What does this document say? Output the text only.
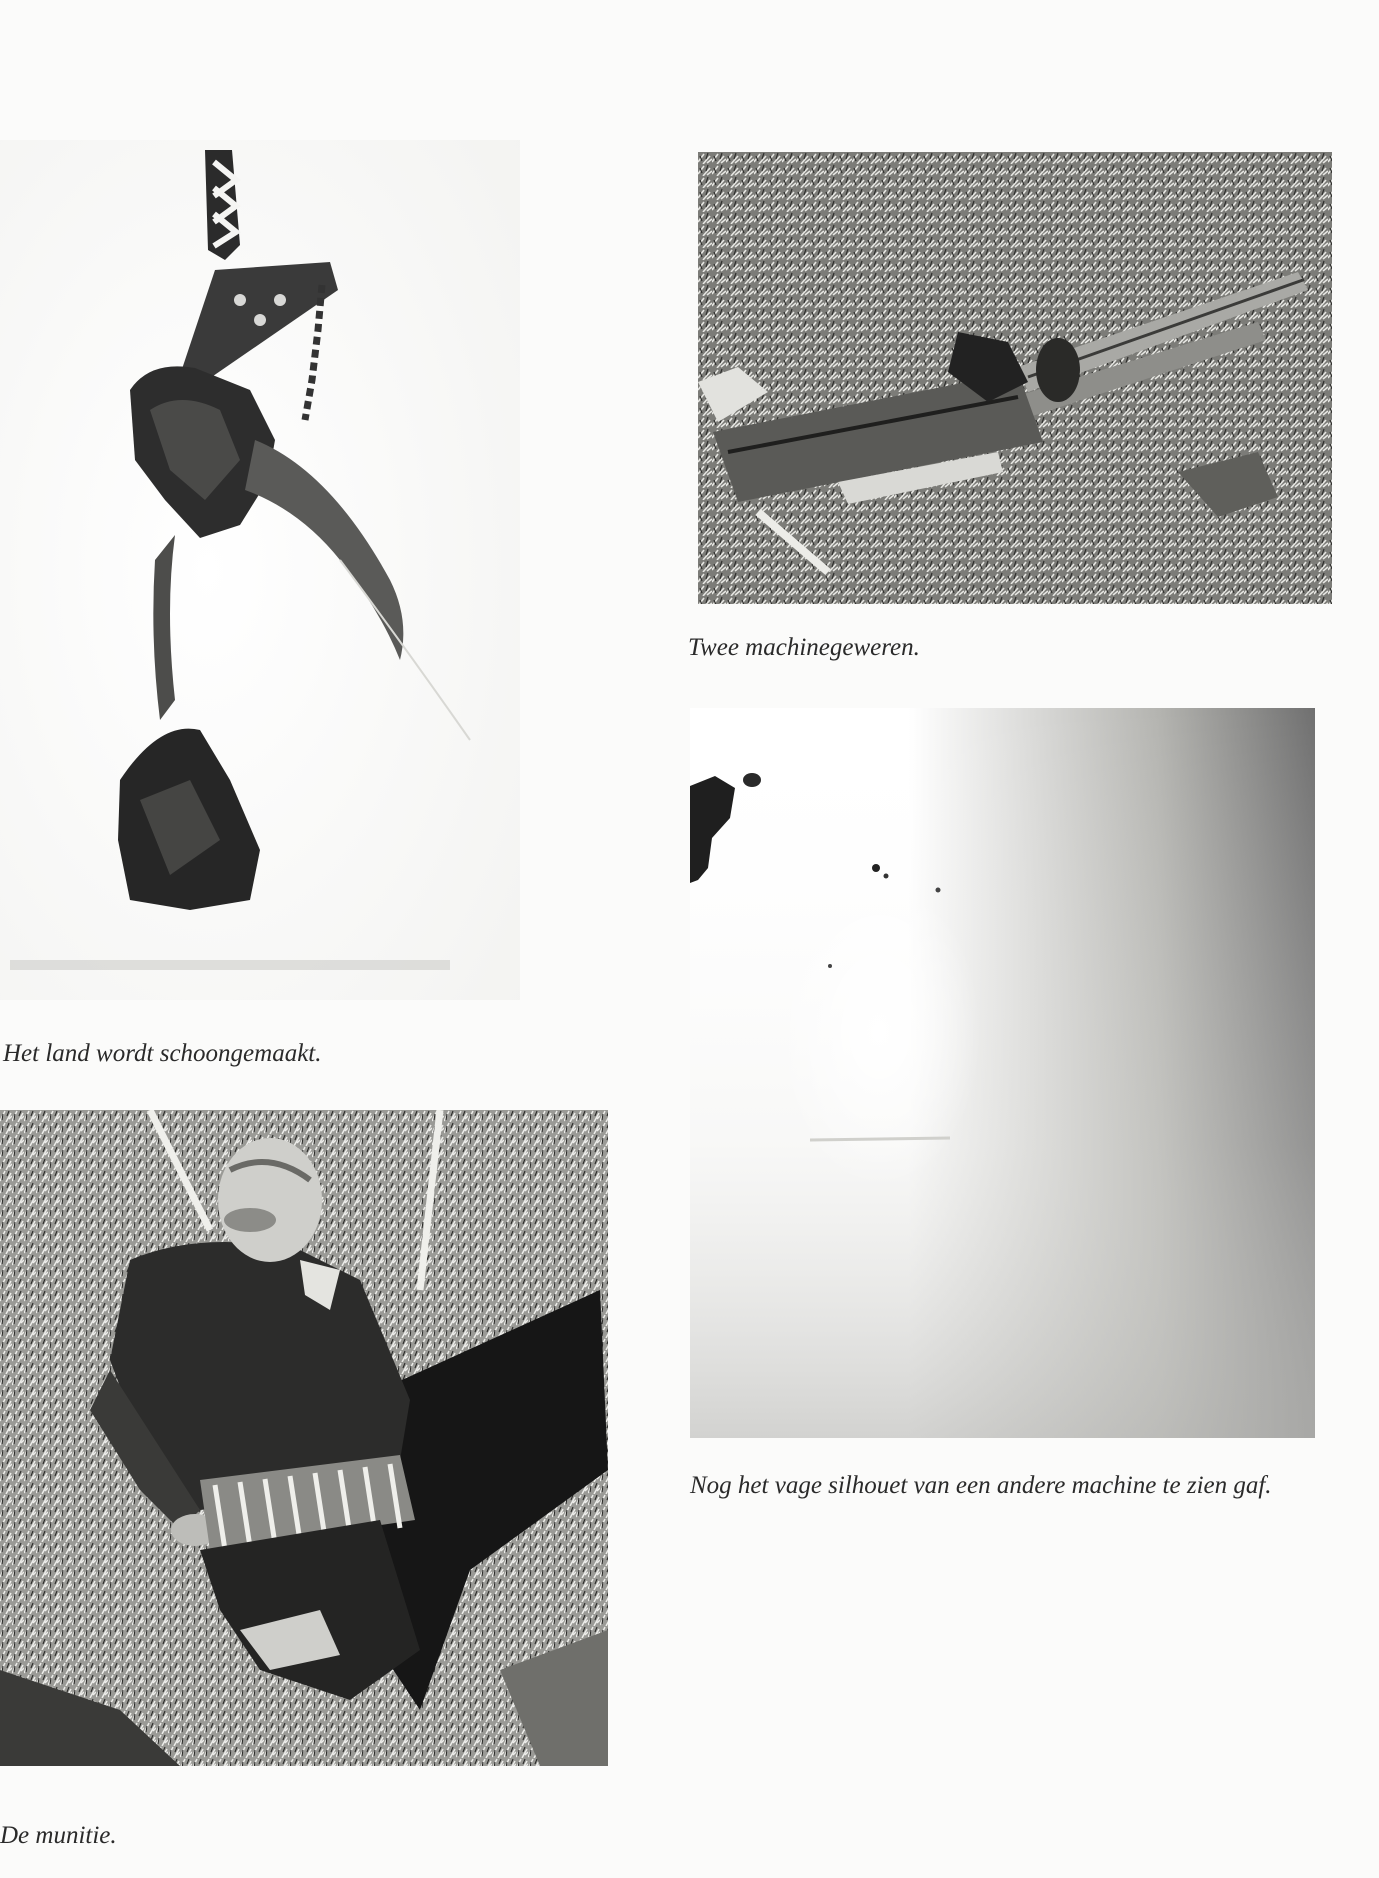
Het land wordt schoongemaakt.

Twee machinegeweren.

Nog het vage silhouet van een andere machine te zien gaf.

De munitie.
